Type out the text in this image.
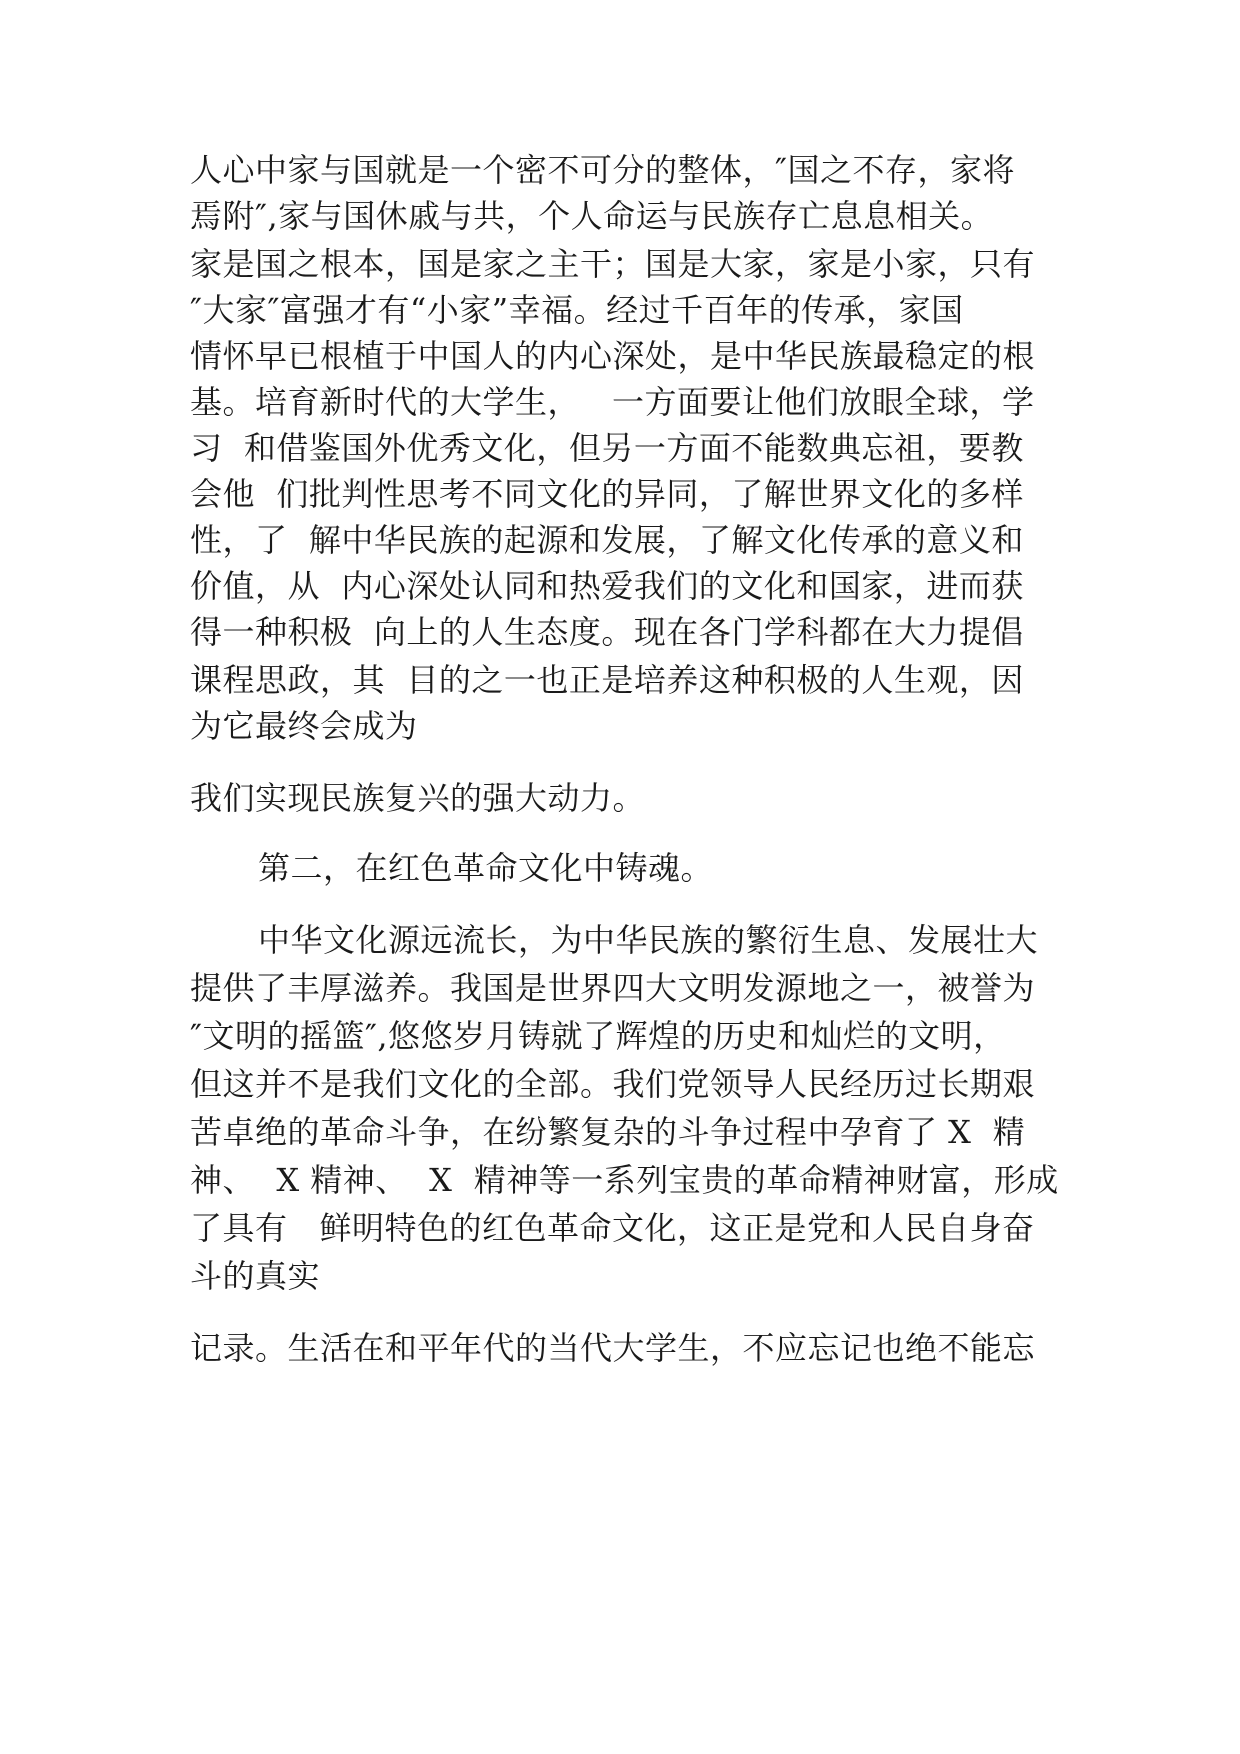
人心中家与国就是一个密不可分的整体，″国之不存，家将
焉附″,家与国休戚与共，个人命运与民族存亡息息相关。
家是国之根本，国是家之主干；国是大家，家是小家，只有
″大家″富强才有“小家”幸福。经过千百年的传承，家国
情怀早已根植于中国人的内心深处，是中华民族最稳定的根
基。培育新时代的大学生，   一方面要让他们放眼全球，学
习  和借鉴国外优秀文化，但另一方面不能数典忘祖，要教
会他  们批判性思考不同文化的异同，了解世界文化的多样
性，了  解中华民族的起源和发展，了解文化传承的意义和
价值，从  内心深处认同和热爱我们的文化和国家，进而获
得一种积极  向上的人生态度。现在各门学科都在大力提倡
课程思政，其  目的之一也正是培养这种积极的人生观，因
为它最终会成为
我们实现民族复兴的强大动力。
第二，在红色革命文化中铸魂。
中华文化源远流长，为中华民族的繁衍生息、发展壮大
提供了丰厚滋养。我国是世界四大文明发源地之一，被誉为
″文明的摇篮″,悠悠岁月铸就了辉煌的历史和灿烂的文明，
但这并不是我们文化的全部。我们党领导人民经历过长期艰
苦卓绝的革命斗争，在纷繁复杂的斗争过程中孕育了 X  精
神、  X 精神、  X  精神等一系列宝贵的革命精神财富，形成
了具有   鲜明特色的红色革命文化，这正是党和人民自身奋
斗的真实
记录。生活在和平年代的当代大学生，不应忘记也绝不能忘
